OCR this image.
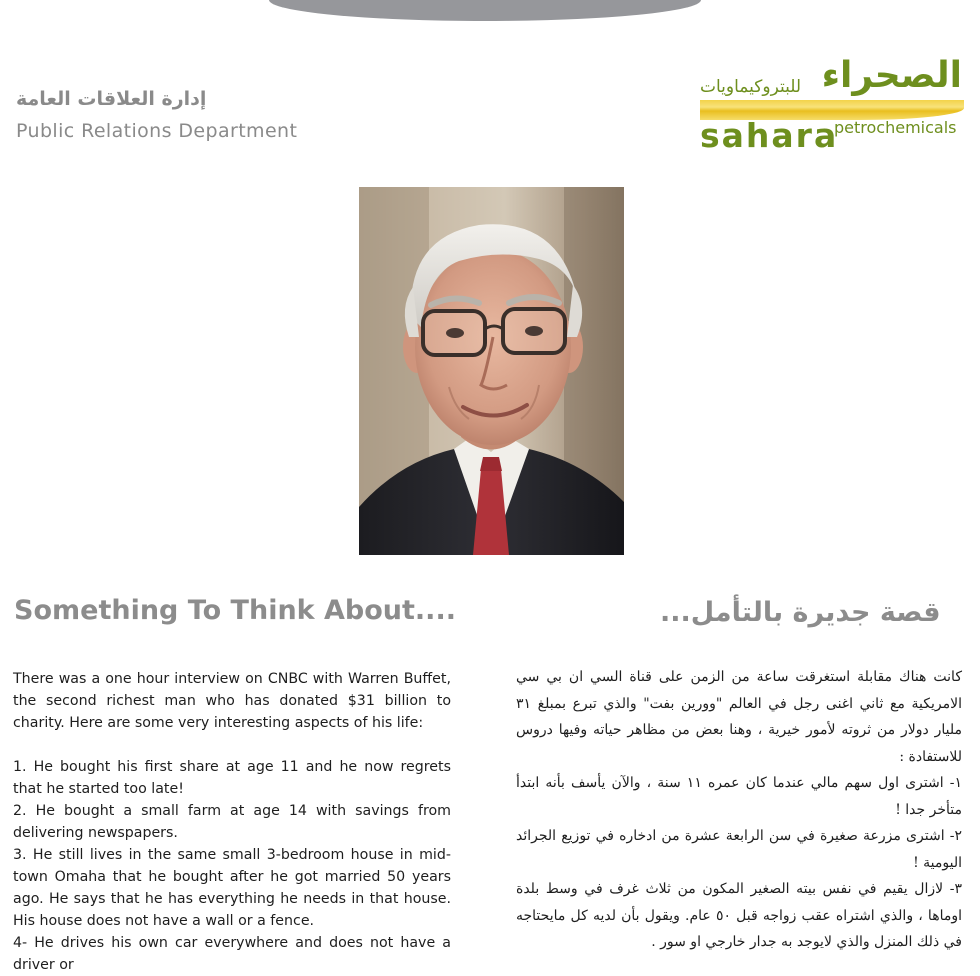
إدارة العلاقات العامة
Public Relations Department
للبتروكيماويات الصحراء
sahara
petrochemicals
Something To Think About....	قصة جديرة بالتأمل...

There was a one hour interview on CNBC with Warren Buffet, the second richest man who has donated $31 billion to charity. Here are some very interesting aspects of his life:

1. He bought his first share at age 11 and he now regrets that he started too late!

2. He bought a small farm at age 14 with savings from delivering newspapers.

3. He still lives in the same small 3-bedroom house in mid-town Omaha that he bought after he got married 50 years ago. He says that he has everything he needs in that house. His house does not have a wall or a fence.

4- He drives his own car everywhere and does not have a driver or

كانت هناك مقابلة استغرقت ساعة من الزمن على قناة السي ان بي سي الامريكية مع ثاني اغنى رجل في العالم "وورين بفت" والذي تبرع بمبلغ ٣١ مليار دولار من ثروته لأمور خيرية ، وهنا بعض من مظاهر حياته وفيها دروس للاستفادة :

١- اشترى اول سهم مالي عندما كان عمره ١١ سنة ، والآن يأسف بأنه ابتدأ متأخر جدا !

٢- اشترى مزرعة صغيرة في سن الرابعة عشرة من ادخاره في توزيع الجرائد اليومية !

٣- لازال يقيم في نفس بيته الصغير المكون من ثلاث غرف في وسط بلدة اوماها ، والذي اشتراه عقب زواجه قبل ٥٠ عام. ويقول بأن لديه كل مايحتاجه في ذلك المنزل والذي لايوجد به جدار خارجي او سور .
